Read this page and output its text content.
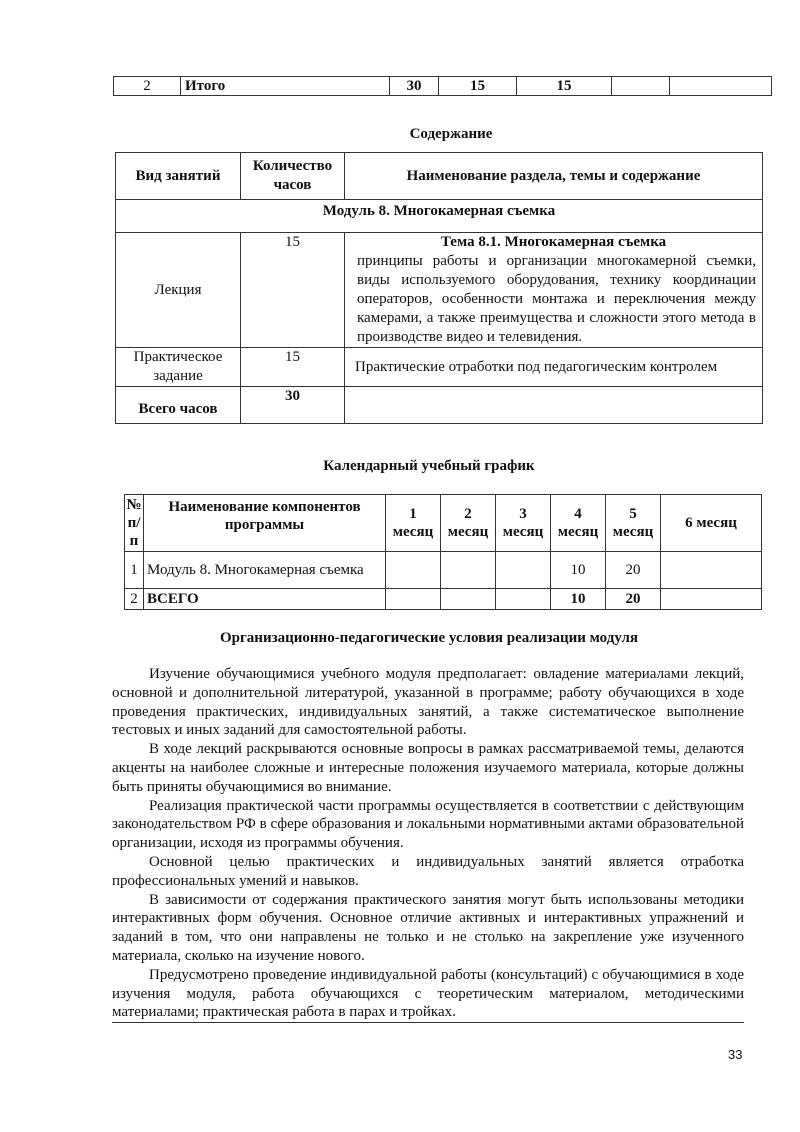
2	Итого	30	15	15		
Содержание
Вид занятий	Количество часов	Наименование раздела, темы и содержание
Модуль 8. Многокамерная съемка		
Лекция	15	Тема 8.1. Многокамерная съемка
принципы работы и организации многокамерной съемки, виды используемого оборудования, технику координации операторов, особенности монтажа и переключения между камерами, а также преимущества и сложности этого метода в производстве видео и телевидения.

Практическое задание	15	Практические отработки под педагогическим контролем
Всего часов	30	
Календарный учебный график
№ п/п	Наименование компонентов программы	1 месяц	2 месяц	3 месяц	4 месяц	5 месяц	6 месяц
1	Модуль 8. Многокамерная съемка				10	20	
2	ВСЕГО				10	20	
Организационно-педагогические условия реализации модуля

Изучение обучающимися учебного модуля предполагает: овладение материалами лекций, основной и дополнительной литературой, указанной в программе; работу обучающихся в ходе проведения практических, индивидуальных занятий, а также систематическое выполнение тестовых и иных заданий для самостоятельной работы.

В ходе лекций раскрываются основные вопросы в рамках рассматриваемой темы, делаются акценты на наиболее сложные и интересные положения изучаемого материала, которые должны быть приняты обучающимися во внимание.

Реализация практической части программы осуществляется в соответствии с действующим законодательством РФ в сфере образования и локальными нормативными актами образовательной организации, исходя из программы обучения.

Основной целью практических и индивидуальных занятий является отработка профессиональных умений и навыков.

В зависимости от содержания практического занятия могут быть использованы методики интерактивных форм обучения. Основное отличие активных и интерактивных упражнений и заданий в том, что они направлены не только и не столько на закрепление уже изученного материала, сколько на изучение нового.

Предусмотрено проведение индивидуальной работы (консультаций) с обучающимися в ходе изучения модуля, работа обучающихся с теоретическим материалом, методическими материалами; практическая работа в парах и тройках.

33
